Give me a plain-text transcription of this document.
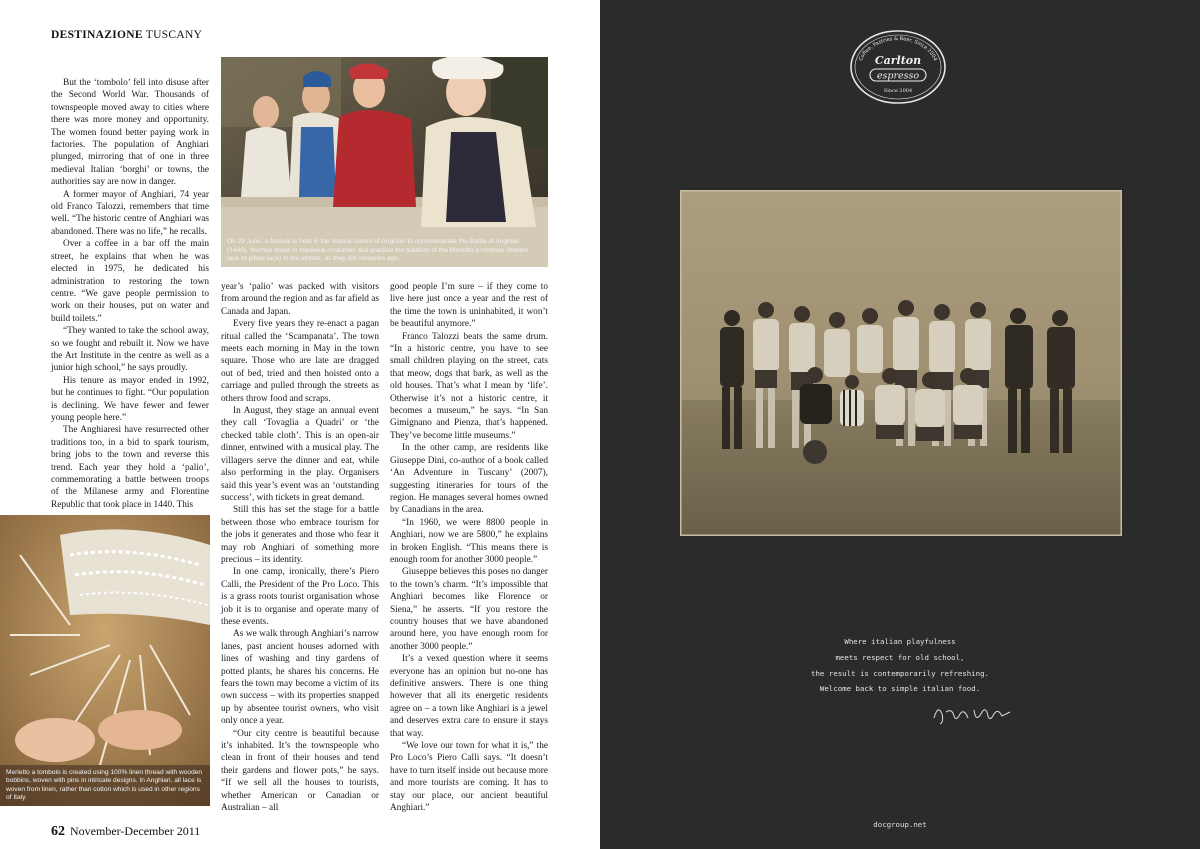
DESTINAZIONE TUSCANY

But the ‘tombolo’ fell into disuse after the Second World War. Thousands of townspeople moved away to cities where there was more money and opportunity. The women found better paying work in factories. The population of Anghiari plunged, mirroring that of one in three medieval Italian ‘borghi’ or towns, the authorities say are now in danger.

A former mayor of Anghiari, 74 year old Franco Talozzi, remembers that time well. “The historic centre of Anghiari was abandoned. There was no life,” he recalls.

Over a coffee in a bar off the main street, he explains that when he was elected in 1975, he dedicated his administration to restoring the town centre. “We gave people permission to work on their houses, put on water and build toilets.”

“They wanted to take the school away, so we fought and rebuilt it. Now we have the Art Institute in the centre as well as a junior high school,” he says proudly.

His tenure as mayor ended in 1992, but he continues to fight. “Our population is declining. We have fewer and fewer young people here.”

The Anghiaresi have resurrected other traditions too, in a bid to spark tourism, bring jobs to the town and reverse this trend. Each year they hold a ‘palio’, commemorating a battle between troops of the Milanese army and Florentine Republic that took place in 1440. This

On 29 June, a festival is held in the historic centre of Anghiari to commemorate the Battle of Anghiari (1440). Women dress in medieval costumes and practice the tradition of the Merletto a tombolo (bobbin lace or pillow lace) in the streets, as they did centuries ago.

year’s ‘palio’ was packed with visitors from around the region and as far afield as Canada and Japan.

Every five years they re-enact a pagan ritual called the ‘Scampanata’. The town meets each morning in May in the town square. Those who are late are dragged out of bed, tried and then hoisted onto a carriage and pulled through the streets as others throw food and scraps.

In August, they stage an annual event they call ‘Tovaglia a Quadri’ or ‘the checked table cloth’. This is an open-air dinner, entwined with a musical play. The villagers serve the dinner and eat, while also performing in the play. Organisers said this year’s event was an ‘outstanding success’, with tickets in great demand.

Still this has set the stage for a battle between those who embrace tourism for the jobs it generates and those who fear it may rob Anghiari of something more precious – its identity.

In one camp, ironically, there’s Piero Calli, the President of the Pro Loco. This is a grass roots tourist organisation whose job it is to organise and operate many of these events.

As we walk through Anghiari’s narrow lanes, past ancient houses adorned with lines of washing and tiny gardens of potted plants, he shares his concerns. He fears the town may become a victim of its own success – with its properties snapped up by absentee tourist owners, who visit only once a year.

“Our city centre is beautiful because it’s inhabited. It’s the townspeople who clean in front of their houses and tend their gardens and flower pots,” he says. “If we sell all the houses to tourists, whether American or Canadian or Australian – all

good people I’m sure – if they come to live here just once a year and the rest of the time the town is uninhabited, it won’t be beautiful anymore.”

Franco Talozzi beats the same drum. “In a historic centre, you have to see small children playing on the street, cats that meow, dogs that bark, as well as the old houses. That’s what I mean by ‘life’. Otherwise it’s not a historic centre, it becomes a museum,” he says. “In San Gimignano and Pienza, that’s happened. They’ve become little museums.”

In the other camp, are residents like Giuseppe Dini, co-author of a book called ‘An Adventure in Tuscany’ (2007), suggesting itineraries for tours of the region. He manages several homes owned by Canadians in the area.

“In 1960, we were 8800 people in Anghiari, now we are 5800,” he explains in broken English. “This means there is enough room for another 3000 people.”

Giuseppe believes this poses no danger to the town’s charm. “It’s impossible that Anghiari becomes like Florence or Siena,” he asserts. “If you restore the country houses that we have abandoned around here, you have enough room for another 3000 people.”

It’s a vexed question where it seems everyone has an opinion but no-one has definitive answers. There is one thing however that all its energetic residents agree on – a town like Anghiari is a jewel and deserves extra care to ensure it stays that way.

“We love our town for what it is,” the Pro Loco’s Piero Calli says. “It doesn’t have to turn itself inside out because more and more tourists are coming. It has to stay our place, our ancient beautiful Anghiari.”

Merletto a tombolo is created using 100% linen thread with wooden bobbins, woven with pins in intricate designs. In Anghiari, all lace is woven from linen, rather than cotton which is used in other regions of Italy.
62 November-December 2011
Coffee, Pastries & Beer, Since 2004
Carlton
espresso
Since 2004
Where italian playfulness
meets respect for old school,
the result is contemporarily refreshing.
Welcome back to simple italian food.
docgroup.net
